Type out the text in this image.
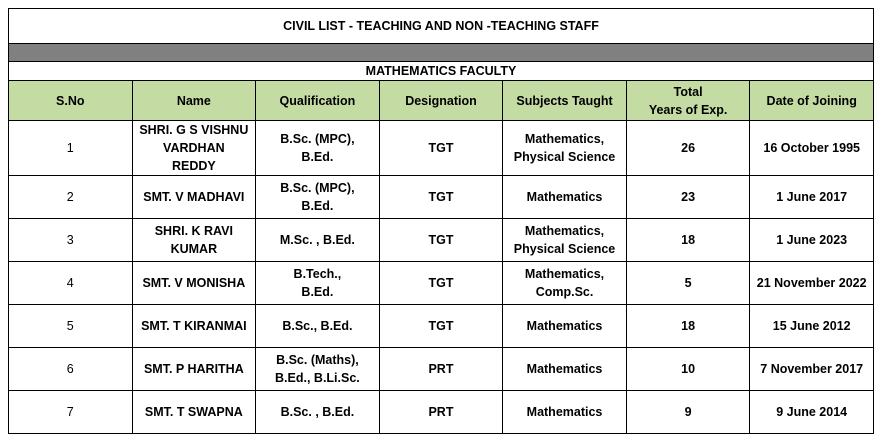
CIVIL LIST - TEACHING AND NON -TEACHING STAFF						

MATHEMATICS FACULTY						
S.No	Name	Qualification	Designation	Subjects Taught	Total
Years of Exp.	Date of Joining

1	SHRI. G S VISHNU VARDHAN
REDDY	B.Sc. (MPC),
B.Ed.	TGT	Mathematics,
Physical Science	26	16 October 1995

2	SMT. V MADHAVI	B.Sc. (MPC),
B.Ed.	TGT	Mathematics	23	1 June 2017

3	SHRI. K RAVI KUMAR	M.Sc. , B.Ed.	TGT	Mathematics,
Physical Science	18	1 June 2023

4	SMT. V MONISHA	B.Tech.,
B.Ed.	TGT	Mathematics, Comp.Sc.	5	21 November 2022

5	SMT. T KIRANMAI	B.Sc., B.Ed.	TGT	Mathematics	18	15 June 2012

6	SMT. P HARITHA	B.Sc. (Maths),
B.Ed., B.Li.Sc.	PRT	Mathematics	10	7 November 2017

7	SMT. T SWAPNA	B.Sc. , B.Ed.	PRT	Mathematics	9	9 June 2014
